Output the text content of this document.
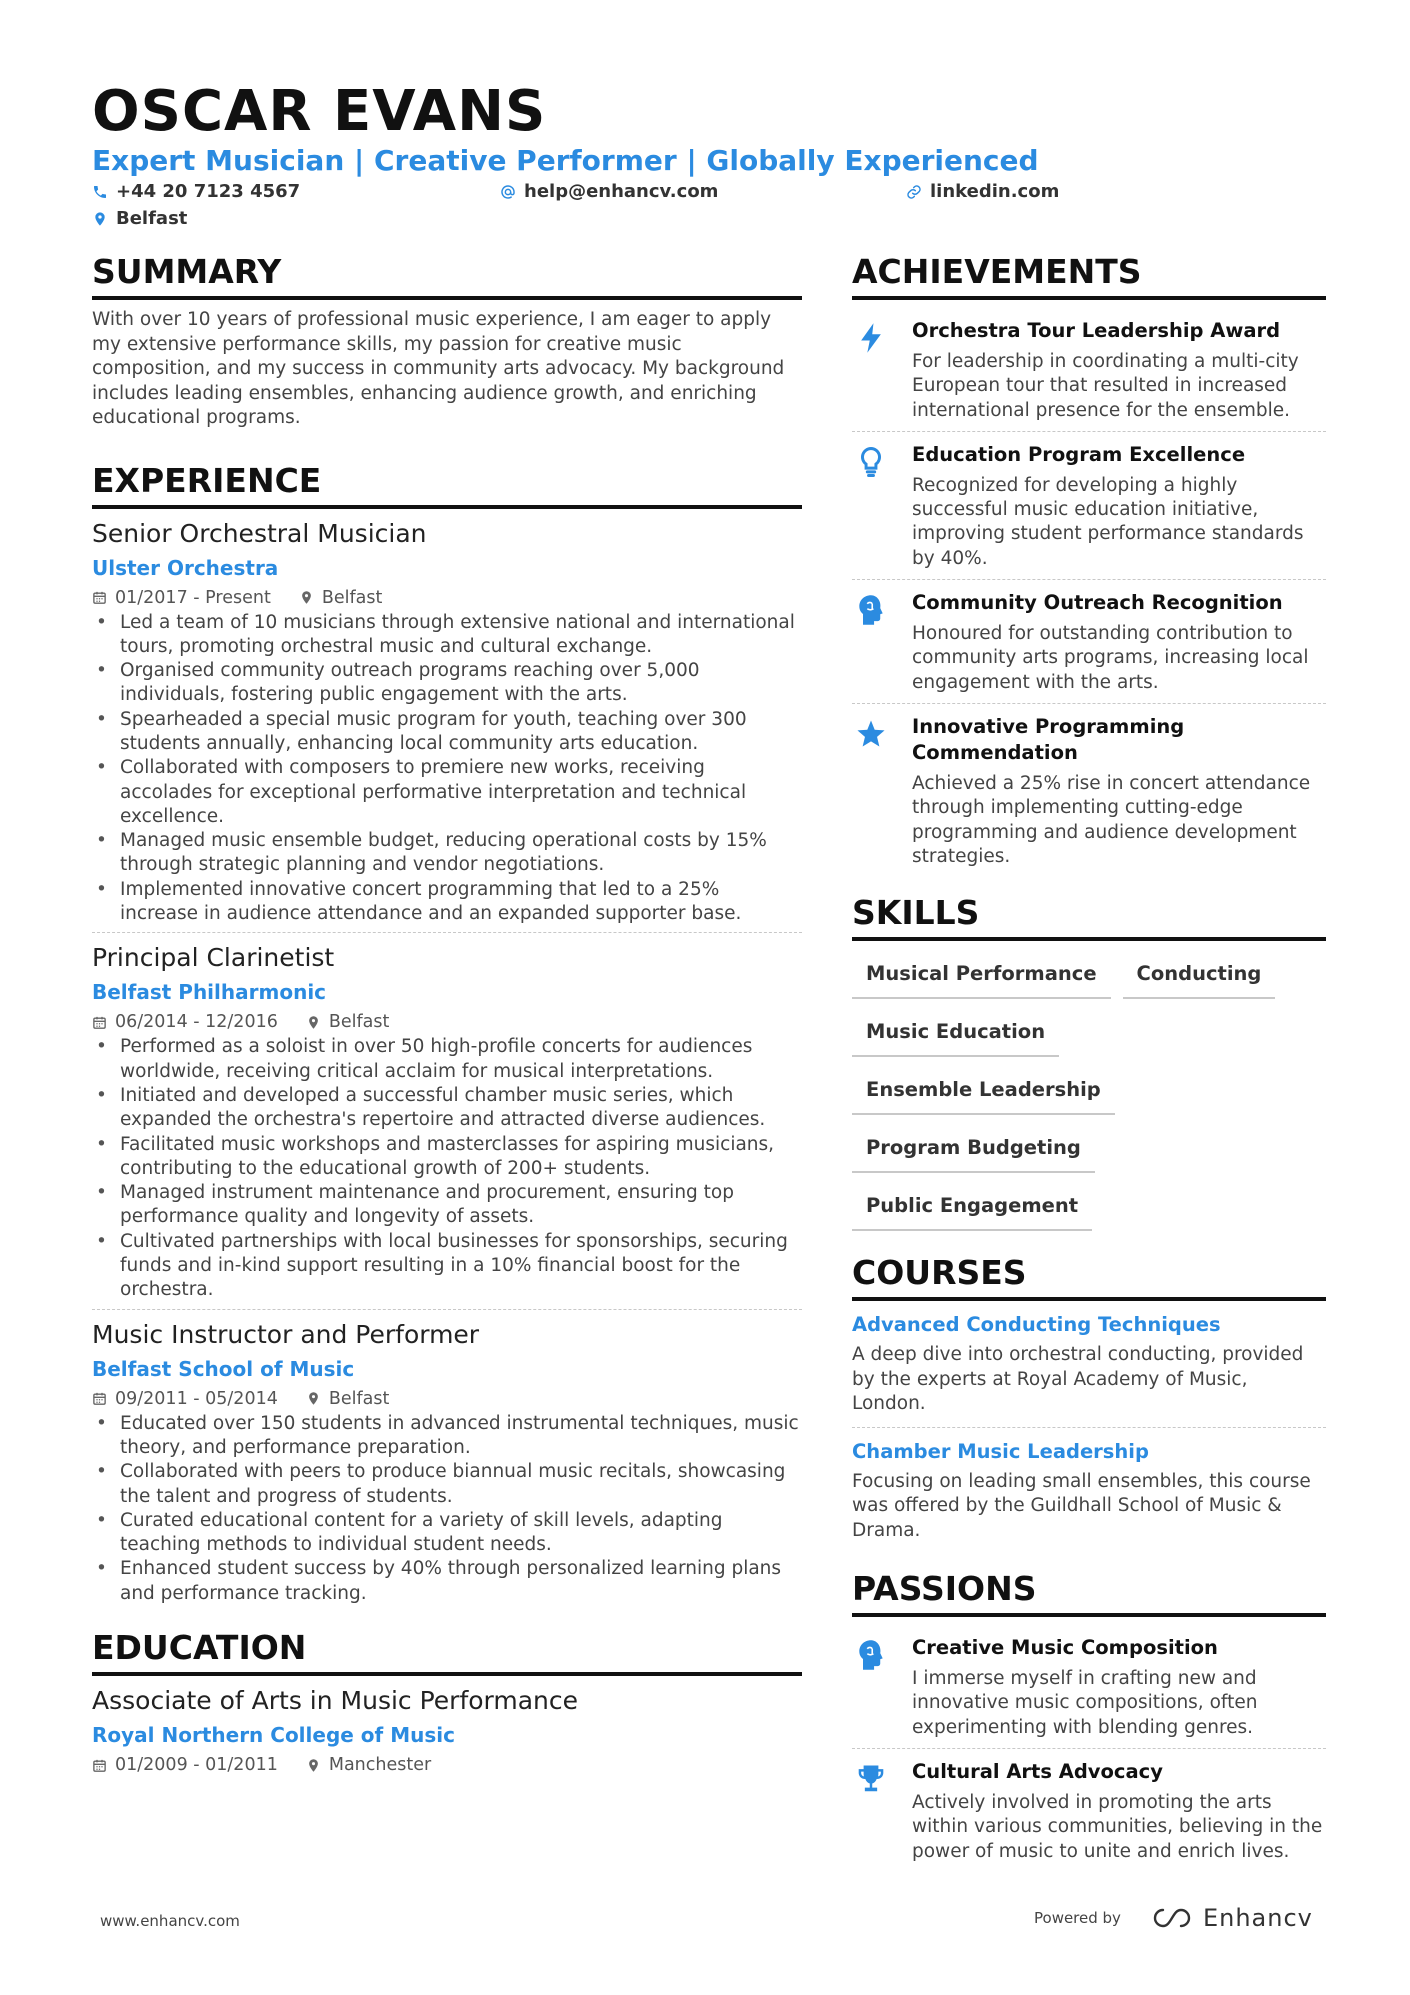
OSCAR EVANS
Expert Musician | Creative Performer | Globally Experienced
+44 20 7123 4567	help@enhancv.com	linkedin.com
Belfast
SUMMARY

With over 10 years of professional music experience, I am eager to apply my extensive performance skills, my passion for creative music composition, and my success in community arts advocacy. My background includes leading ensembles, enhancing audience growth, and enriching educational programs.

EXPERIENCE
Senior Orchestral Musician
Ulster Orchestra
01/2017 - Present	Belfast
• Led a team of 10 musicians through extensive national and international tours, promoting orchestral music and cultural exchange.
• Organised community outreach programs reaching over 5,000 individuals, fostering public engagement with the arts.
• Spearheaded a special music program for youth, teaching over 300 students annually, enhancing local community arts education.
• Collaborated with composers to premiere new works, receiving accolades for exceptional performative interpretation and technical excellence.
• Managed music ensemble budget, reducing operational costs by 15% through strategic planning and vendor negotiations.
• Implemented innovative concert programming that led to a 25% increase in audience attendance and an expanded supporter base.
Principal Clarinetist
Belfast Philharmonic
06/2014 - 12/2016	Belfast
• Performed as a soloist in over 50 high-profile concerts for audiences worldwide, receiving critical acclaim for musical interpretations.
• Initiated and developed a successful chamber music series, which expanded the orchestra's repertoire and attracted diverse audiences.
• Facilitated music workshops and masterclasses for aspiring musicians, contributing to the educational growth of 200+ students.
• Managed instrument maintenance and procurement, ensuring top performance quality and longevity of assets.
• Cultivated partnerships with local businesses for sponsorships, securing funds and in-kind support resulting in a 10% financial boost for the orchestra.
Music Instructor and Performer
Belfast School of Music
09/2011 - 05/2014	Belfast
• Educated over 150 students in advanced instrumental techniques, music theory, and performance preparation.
• Collaborated with peers to produce biannual music recitals, showcasing the talent and progress of students.
• Curated educational content for a variety of skill levels, adapting teaching methods to individual student needs.
• Enhanced student success by 40% through personalized learning plans and performance tracking.
EDUCATION
Associate of Arts in Music Performance
Royal Northern College of Music
01/2009 - 01/2011	Manchester
ACHIEVEMENTS
Orchestra Tour Leadership Award
For leadership in coordinating a multi-city European tour that resulted in increased international presence for the ensemble.
Education Program Excellence
Recognized for developing a highly successful music education initiative, improving student performance standards by 40%.
Community Outreach Recognition
Honoured for outstanding contribution to community arts programs, increasing local engagement with the arts.
Innovative Programming Commendation
Achieved a 25% rise in concert attendance through implementing cutting-edge programming and audience development strategies.
SKILLS
Musical Performance	Conducting
Music Education
Ensemble Leadership
Program Budgeting
Public Engagement
COURSES
Advanced Conducting Techniques
A deep dive into orchestral conducting, provided by the experts at Royal Academy of Music, London.
Chamber Music Leadership
Focusing on leading small ensembles, this course was offered by the Guildhall School of Music & Drama.
PASSIONS
Creative Music Composition
I immerse myself in crafting new and innovative music compositions, often experimenting with blending genres.
Cultural Arts Advocacy
Actively involved in promoting the arts within various communities, believing in the power of music to unite and enrich lives.
www.enhancv.com	Powered by	Enhancv
